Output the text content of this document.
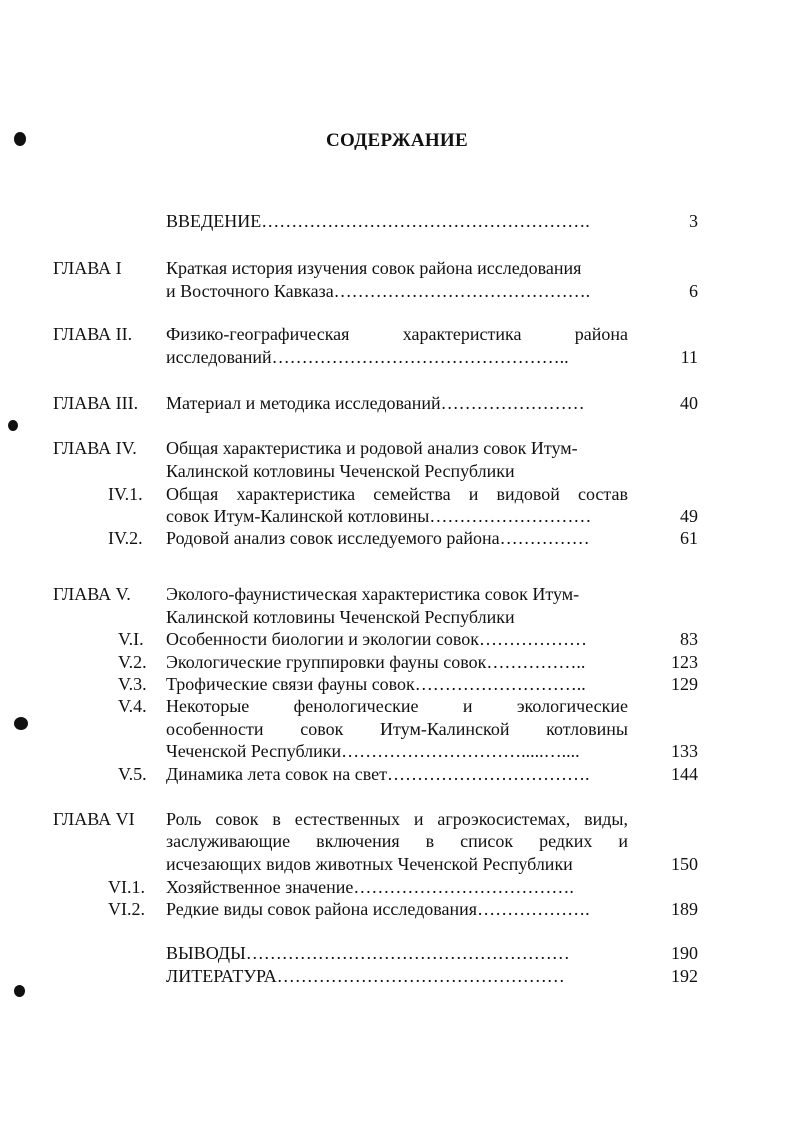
СОДЕРЖАНИЕ
ВВЕДЕНИЕ……………………………………………….	3
ГЛАВА I Краткая история изучения совок района исследования
и Восточного Кавказа…………………………………….	6
ГЛАВА II. Физико-географическая характеристика района
исследований…………………………………………..	11
ГЛАВА III. Материал и методика исследований……………………	40
ГЛАВА IV. Общая характеристика и родовой анализ совок Итум-
Калинской котловины Чеченской Республики
IV.1. Общая характеристика семейства и видовой состав
совок Итум-Калинской котловины………………………	49
IV.2. Родовой анализ совок исследуемого района……………	61
ГЛАВА V. Эколого-фаунистическая характеристика совок Итум-
Калинской котловины Чеченской Республики
V.I. Особенности биологии и экологии совок………………	83
V.2. Экологические группировки фауны совок……………..	123
V.3. Трофические связи фауны совок………………………..	129
V.4. Некоторые фенологические и экологические
особенности совок Итум-Калинской котловины
Чеченской Республики………………………….....…....	133
V.5. Динамика лета совок на свет…………………………….	144
ГЛАВА VI Роль совок в естественных и агроэкосистемах, виды,
заслуживающие включения в список редких и
исчезающих видов животных Чеченской Республики	150
VI.1. Хозяйственное значение……………………………….
VI.2. Редкие виды совок района исследования……………….	189
ВЫВОДЫ………………………………………………	190
ЛИТЕРАТУРА…………………………………………	192
